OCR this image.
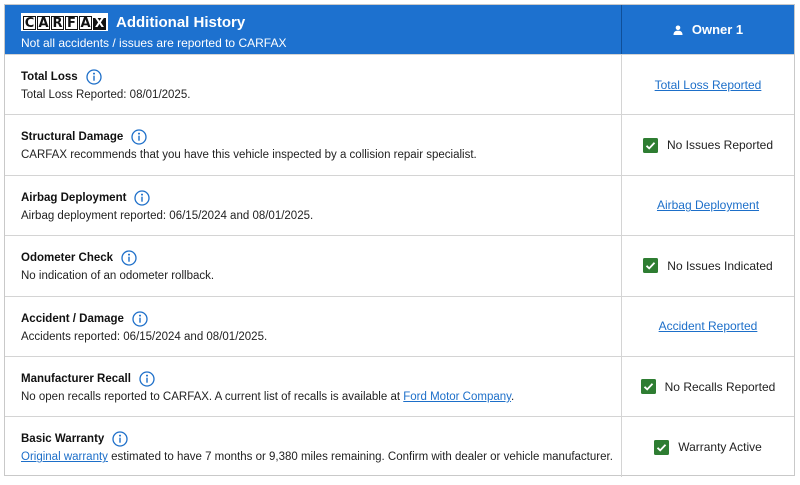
C A R F A X Additional History
Not all accidents / issues are reported to CARFAX
Owner 1
Total Loss
Total Loss Reported: 08/01/2025.
Total Loss Reported
Structural Damage
CARFAX recommends that you have this vehicle inspected by a collision repair specialist.
No Issues Reported
Airbag Deployment
Airbag deployment reported: 06/15/2024 and 08/01/2025.
Airbag Deployment
Odometer Check
No indication of an odometer rollback.
No Issues Indicated
Accident / Damage
Accidents reported: 06/15/2024 and 08/01/2025.
Accident Reported
Manufacturer Recall
No open recalls reported to CARFAX. A current list of recalls is available at Ford Motor Company.
No Recalls Reported
Basic Warranty
Original warranty estimated to have 7 months or 9,380 miles remaining. Confirm with dealer or vehicle manufacturer.
Warranty Active
